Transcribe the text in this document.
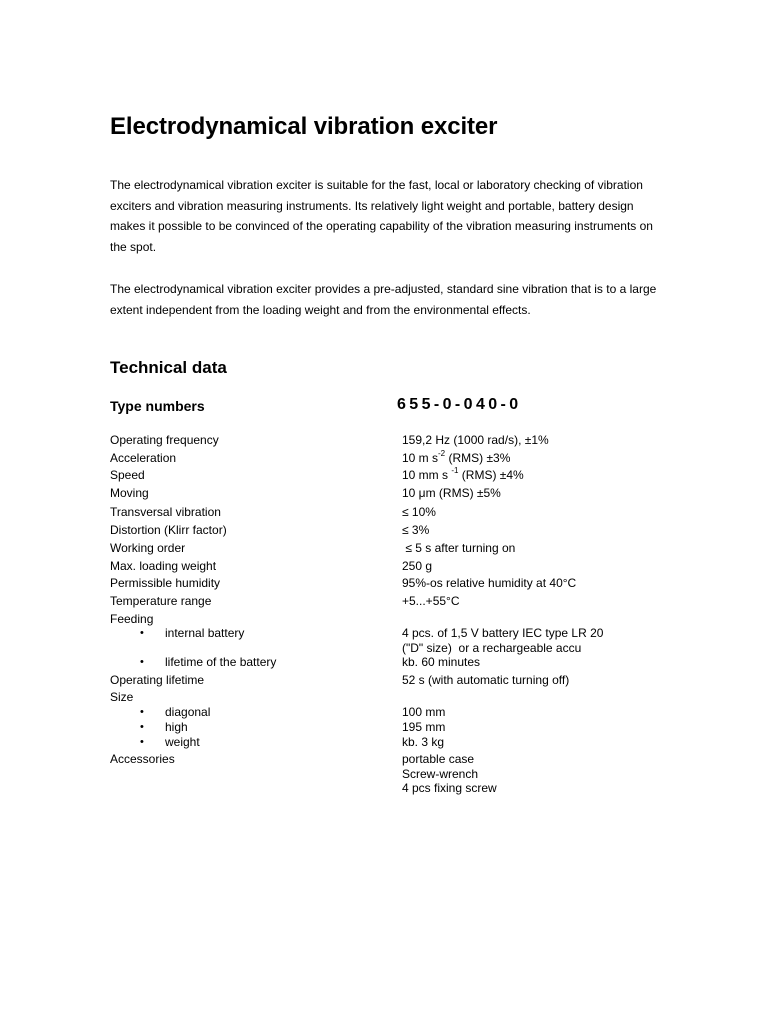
Electrodynamical vibration exciter

The electrodynamical vibration exciter is suitable for the fast, local or laboratory checking of vibration
exciters and vibration measuring instruments. Its relatively light weight and portable, battery design
makes it possible to be convinced of the operating capability of the vibration measuring instruments on
the spot.

The electrodynamical vibration exciter provides a pre-adjusted, standard sine vibration that is to a large
extent independent from the loading weight and from the environmental effects.

Technical data
Type numbers	655-0-040-0
Operating frequency	159,2 Hz (1000 rad/s), ±1%
Acceleration	10 m $s^{-2}$ (RMS) ±3%
Speed	10 mm s $^{-1}$ (RMS) ±4%
Moving	10 μm (RMS) ±5%
Transversal vibration	≤ 10%
Distortion (Klirr factor)	≤ 3%
Working order	≤ 5 s after turning on
Max. loading weight	250 g
Permissible humidity	95%-os relative humidity at 40°C
Temperature range	+5...+55°C
Feeding
• internal battery	4 pcs. of 1,5 V battery IEC type LR 20
("D" size)  or a rechargeable accu
• lifetime of the battery	kb. 60 minutes
Operating lifetime	52 s (with automatic turning off)
Size
• diagonal	100 mm
• high	195 mm
• weight	kb. 3 kg
Accessories	portable case
Screw-wrench
4 pcs fixing screw
